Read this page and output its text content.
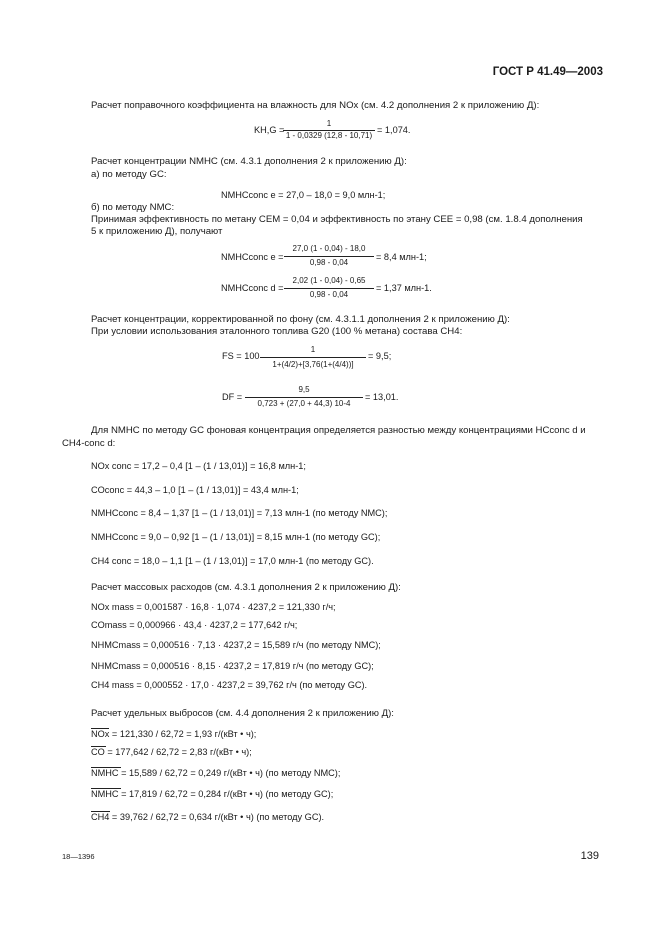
ГОСТ Р 41.49—2003
Расчет поправочного коэффициента на влажность для NOx (см. 4.2 дополнения 2 к приложению Д):
KH,G =
1
1 - 0,0329 (12,8 - 10,71)
= 1,074.
Расчет концентрации NMHC (см. 4.3.1 дополнения 2 к приложению Д):
а) по методу GC:
NMHCconc e = 27,0 – 18,0 = 9,0 млн-1;
б) по методу NMC:
Принимая эффективность по метану CEM = 0,04 и эффективность по этану CEE = 0,98 (см. 1.8.4 дополнения
5 к приложению Д), получают
NMHCconc e =
27,0 (1 - 0,04) - 18,0
0,98 - 0,04
= 8,4 млн-1;
NMHCconc d =
2,02 (1 - 0,04) - 0,65
0,98 - 0,04
= 1,37 млн-1.
Расчет концентрации, корректированной по фону (см. 4.3.1.1 дополнения 2 к приложению Д):
При условии использования эталонного топлива G20 (100 % метана) состава CH4:
FS = 100
1
1+(4/2)+[3,76(1+(4/4))]
= 9,5;
DF =
9,5
0,723 + (27,0 + 44,3) 10-4
= 13,01.
Для NMHC по методу GC фоновая концентрация определяется разностью между концентрациями HCconc d и
CH4-conc d:
NOx conc = 17,2 – 0,4 [1 – (1 / 13,01)] = 16,8 млн-1;
COconc = 44,3 – 1,0 [1 – (1 / 13,01)] = 43,4 млн-1;
NMHCconc = 8,4 – 1,37 [1 – (1 / 13,01)] = 7,13 млн-1 (по методу NMC);
NMHCconc = 9,0 – 0,92 [1 – (1 / 13,01)] = 8,15 млн-1 (по методу GC);
CH4 conc = 18,0 – 1,1 [1 – (1 / 13,01)] = 17,0 млн-1 (по методу GC).
Расчет массовых расходов (см. 4.3.1 дополнения 2 к приложению Д):
NOx mass = 0,001587 · 16,8 · 1,074 · 4237,2 = 121,330 г/ч;
COmass = 0,000966 · 43,4 · 4237,2 = 177,642 г/ч;
NHMCmass = 0,000516 · 7,13 · 4237,2 = 15,589 г/ч (по методу NMC);
NHMCmass = 0,000516 · 8,15 · 4237,2 = 17,819 г/ч (по методу GC);
CH4 mass = 0,000552 · 17,0 · 4237,2 = 39,762 г/ч (по методу GC).
Расчет удельных выбросов (см. 4.4 дополнения 2 к приложению Д):
NOx = 121,330 / 62,72 = 1,93 г/(кВт • ч);
CO = 177,642 / 62,72 = 2,83 г/(кВт • ч);
NMHC = 15,589 / 62,72 = 0,249 г/(кВт • ч) (по методу NMC);
NMHC = 17,819 / 62,72 = 0,284 г/(кВт • ч) (по методу GC);
CH4 = 39,762 / 62,72 = 0,634 г/(кВт • ч) (по методу GC).
18—1396	139
